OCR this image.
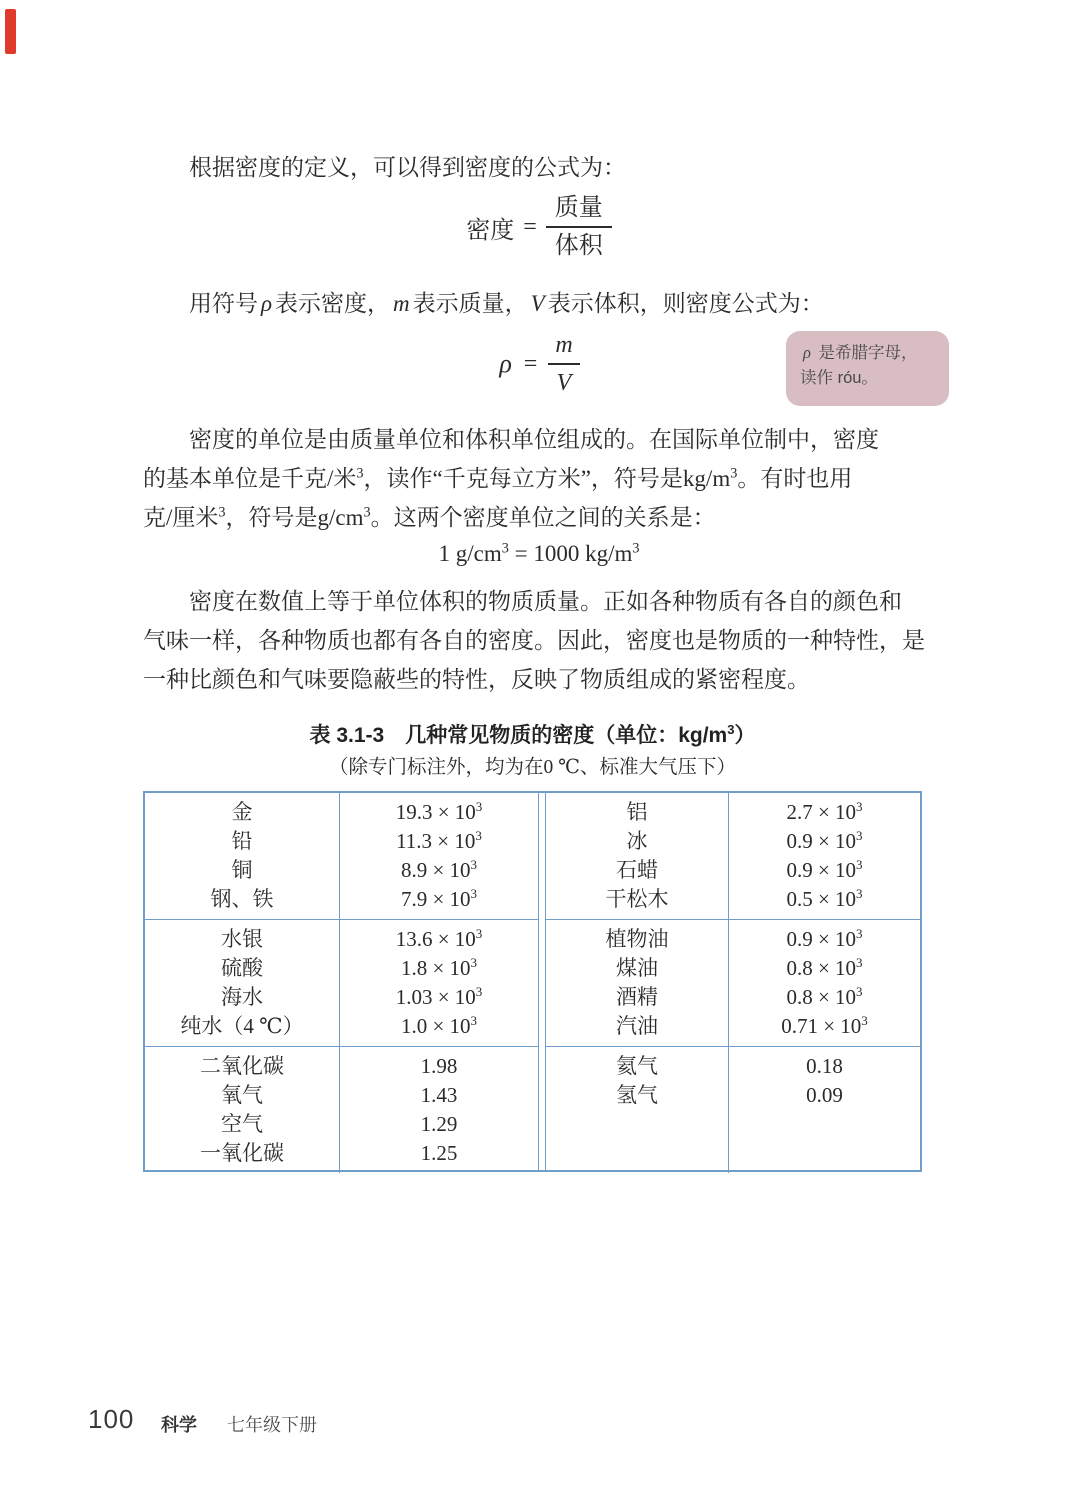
根据密度的定义，可以得到密度的公式为：
密度 = $\frac{\text{质量}}{\text{体积}}$
用符号 ρ 表示密度， m 表示质量， V 表示体积，则密度公式为：
$\rho = \frac{m}{V}$	ρ 是希腊字母，
读作 róu。
密度的单位是由质量单位和体积单位组成的。在国际单位制中，密度
的基本单位是千克/米$^3$，读作“千克每立方米”，符号是$kg/m^3$。有时也用
克/厘米$^3$，符号是$g/cm^3$。这两个密度单位之间的关系是：
1 $g/cm^3 = 1000$ $kg/m^3$
密度在数值上等于单位体积的物质质量。正如各种物质有各自的颜色和
气味一样，各种物质也都有各自的密度。因此，密度也是物质的一种特性，是
一种比颜色和气味要隐蔽些的特性，反映了物质组成的紧密程度。
表 3.1-3　几种常见物质的密度（单位：$kg/m^3$）
（除专门标注外，均为在0 ℃、标准大气压下）
金
铅
铜
钢、铁
$19.3 \times 10^3$
$11.3 \times 10^3$
$8.9 \times 10^3$
$7.9 \times 10^3$
水银
硫酸
海水
纯水（4 ℃）
$13.6 \times 10^3$
$1.8 \times 10^3$
$1.03 \times 10^3$
$1.0 \times 10^3$
二氧化碳
氧气
空气
一氧化碳
1.98
1.43
1.29
1.25
铝
冰
石蜡
干松木
$2.7 \times 10^3$
$0.9 \times 10^3$
$0.9 \times 10^3$
$0.5 \times 10^3$
植物油
煤油
酒精
汽油
$0.9 \times 10^3$
$0.8 \times 10^3$
$0.8 \times 10^3$
$0.71 \times 10^3$
氦气
氢气
0.18
0.09
100 科学 七年级下册
